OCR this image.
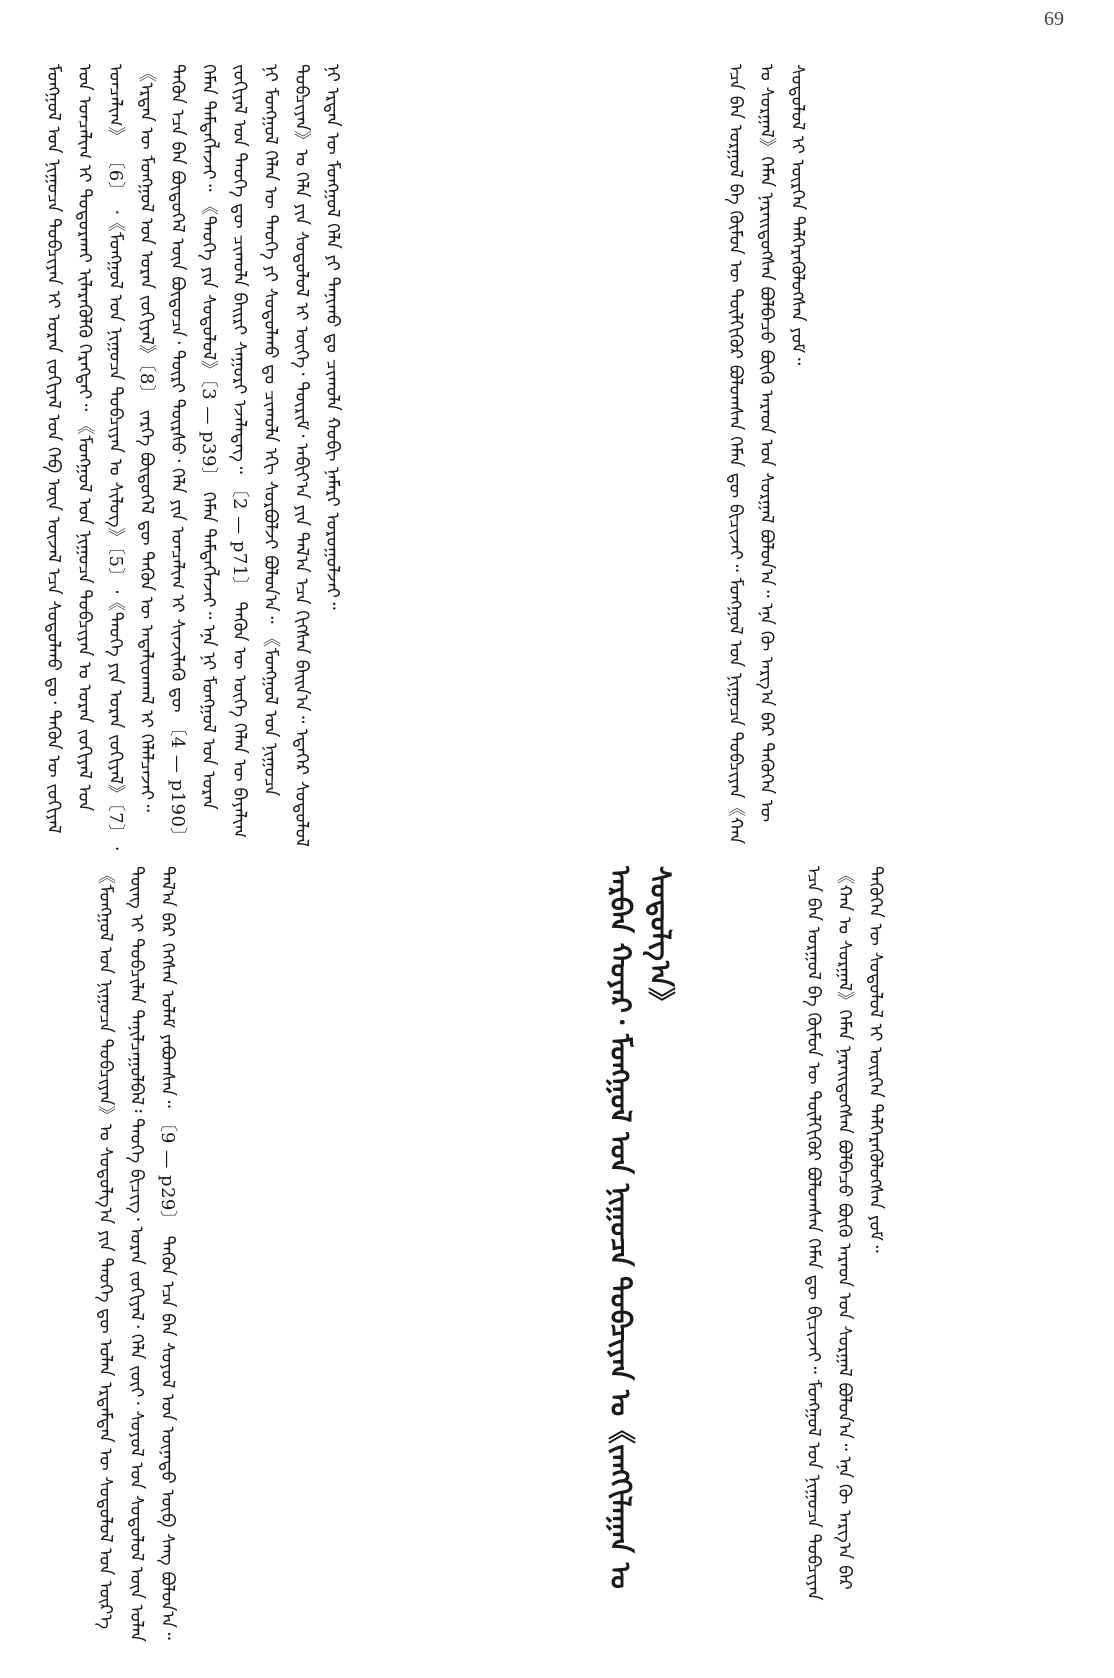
69
ᠡᠴᠡ ᠪᠠᠨ ᠤᠷᠭᠤᠯ ᠪᠠ ᠬᠦᠮᠦᠨ ᠦ ᠲᠦᠯᠬᠢᠭᠦᠷ ᠪᠣᠯᠤᠭᠰᠠᠨ ᠬᠡᠮᠡᠨ ᠳᠦ ᠪᠢᠴᠢᠵᠡᠢ᠃ ᠮᠣᠩᠭᠣᠯ ᠤᠨ ᠨᠢᠭᠤᠴᠠ ᠲᠣᠪᠴᠢᠶᠠᠨ《ᠬᠠᠨ ᠤ ᠰᠤᠷᠭᠠᠯ》ᠬᠡᠮᠡᠨ ᠨᠡᠷᠡᠢᠳᠦᠭᠰᠡᠨ ᠪᠣᠯᠪᠠᠴᠤ ᠪᠦᠬᠦ ᠠᠷᠠᠳ ᠤᠨ ᠰᠤᠷᠭᠠᠯ ᠪᠣᠯᠤᠨ᠎ᠠ᠃ ᠡᠨᠡ ᠬᠦ ᠠᠷᠭ᠎ᠠ ᠪᠠᠷ ᠲᠡᠭᠦᠬᠡᠨ ᠦ ᠰᠤᠳᠤᠯᠤᠯ ᠢ ᠥᠷᠭᠡᠨ ᠳᠡᠯᠭᠡᠷᠡᠭᠦᠯᠦᠭᠰᠡᠨ ᠶᠤᠮ᠃
ᠠᠷᠪᠠᠨ ᠬᠣᠶᠠᠷ᠂ ᠮᠣᠩᠭᠣᠯ ᠤᠨ ᠨᠢᠭᠤᠴᠠ ᠲᠣᠪᠴᠢᠶᠠᠨ ᠤ《ᠵᠠᠩᠭᠢᠯᠠᠭᠠᠨ ᠤ ᠰᠤᠳᠤᠯᠭ᠎ᠠ》
《ᠮᠣᠩᠭᠣᠯ ᠤᠨ ᠨᠢᠭᠤᠴᠠ ᠲᠣᠪᠴᠢᠶᠠᠨ》ᠤ ᠰᠤᠳᠤᠯᠭ᠎ᠠ ᠶᠢᠨ ᠲᠡᠦᠬᠡ ᠳᠦ ᠣᠯᠠᠨ ᠡᠷᠳᠡᠮᠲᠡᠨ ᠦ ᠰᠤᠳᠤᠯᠤᠯ ᠤᠨ ᠦᠷ᠎ᠡ ᠳᠦᠩ ᠢ ᠲᠣᠪᠴᠢᠯᠠᠨ ᠲᠠᠨᠢᠯᠴᠠᠭᠤᠯᠪᠠᠯ᠄ ᠲᠡᠦᠬᠡ ᠪᠢᠴᠢᠭ᠂ ᠤᠷᠠᠨ ᠵᠣᠬᠢᠶᠠᠯ᠂ ᠬᠡᠯᠡ ᠵᠦᠢ᠂ ᠰᠣᠶᠣᠯ ᠤᠨ ᠰᠤᠳᠤᠯᠤᠯ ᠦᠨ ᠣᠯᠠᠨ ᠲᠠᠯ᠎ᠠ ᠪᠠᠷ ᠬᠡᠭᠰᠡᠨ ᠤᠯᠠᠮ ᠶᠠᠪᠤᠭᠰᠠᠨ᠃ 〔9 — p29〕 ᠲᠡᠭᠦᠨ ᠡᠴᠡ ᠪᠠᠨ ᠰᠣᠶᠣᠯ ᠤᠨ ᠦᠨᠡᠲᠦ ᠥᠪ ᠰᠠᠩ ᠪᠣᠯᠤᠨ᠎ᠠ᠃
ᠮᠣᠩᠭᠣᠯ ᠤᠨ ᠨᠢᠭᠤᠴᠠ ᠲᠣᠪᠴᠢᠶᠠᠨ ᠢ ᠤᠷᠠᠨ ᠵᠣᠬᠢᠶᠠᠯ ᠤᠨ ᠬᠡᠪ ᠦᠨ ᠦᠵᠡᠯ ᠡᠴᠡ ᠰᠤᠳᠤᠯᠬᠤ ᠳᠤ᠂ ᠲᠡᠭᠦᠨ ᠦ ᠵᠣᠬᠢᠶᠠᠯ ᠤᠨ ᠣᠨᠴᠠᠯᠢᠭ ᠢ ᠲᠣᠳᠣᠷᠬᠠᠶ ᠢᠯᠡᠷᠡᠭᠦᠯᠬᠦ ᠬᠡᠷᠡᠭᠲᠡᠢ᠃ 《ᠮᠣᠩᠭᠣᠯ ᠤᠨ ᠨᠢᠭᠤᠴᠠ ᠲᠣᠪᠴᠢᠶᠠᠨ ᠤ ᠤᠷᠠᠨ ᠵᠣᠬᠢᠶᠠᠯ ᠤᠨ ᠣᠨᠴᠠᠯᠢᠭ》 〔6〕 ᠂《ᠮᠣᠩᠭᠣᠯ ᠤᠨ ᠨᠢᠭᠤᠴᠠ ᠲᠣᠪᠴᠢᠶᠠᠨ ᠤ ᠰᠢᠯᠦᠭ》〔5〕᠂《ᠲᠡᠦᠬᠡ ᠶᠢᠨ ᠤᠷᠠᠨ ᠵᠣᠬᠢᠶᠠᠯ》〔7〕᠂《ᠡᠷᠲᠡᠨ ᠦ ᠮᠣᠩᠭᠣᠯ ᠤᠨ ᠤᠷᠠᠨ ᠵᠣᠬᠢᠶᠠᠯ》〔8〕 ᠵᠡᠷᠭᠡ ᠪᠦᠲᠦᠭᠡᠯ ᠳᠦ ᠲᠡᠭᠦᠨ ᠦ ᠠᠳᠠᠯᠢᠳᠬᠠᠯ ᠢ ᠬᠡᠯᠡᠯᠴᠡᠵᠡᠢ᠃ ᠲᠡᠭᠦᠨ ᠡᠴᠡ ᠪᠠᠨ ᠪᠦᠲᠦᠭᠡᠯ ᠦᠨ ᠪᠦᠲᠦᠴᠡ᠂ ᠳᠦᠷᠢ ᠳᠦᠷᠰᠦ᠂ ᠬᠡᠯᠡ ᠶᠢᠨ ᠣᠨᠴᠠᠯᠢᠭ ᠢ ᠰᠢᠨᠵᠢᠯᠡᠬᠦ ᠳᠦ 〔4 — p190〕 ᠬᠡᠮᠡᠨ ᠲᠡᠮᠳᠡᠭᠯᠡᠵᠡᠢ᠃ 《ᠲᠡᠦᠬᠡ ᠶᠢᠨ ᠰᠤᠳᠤᠯᠤᠯ》〔3 — p39〕 ᠬᠡᠮᠡᠨ ᠲᠡᠮᠳᠡᠭᠯᠡᠵᠡᠢ᠃ ᠡᠨᠡ ᠨᠢ ᠮᠣᠩᠭᠣᠯ ᠤᠨ ᠤᠷᠠᠨ ᠵᠣᠬᠢᠶᠠᠯ ᠤᠨ ᠲᠡᠦᠬᠡ ᠳᠦ ᠴᠢᠬᠤᠯᠠ ᠪᠠᠢᠷᠢ ᠰᠠᠭᠤᠷᠢ ᠡᠵᠡᠯᠡᠳᠡᠭ᠃ 〔2 — p71〕 ᠲᠡᠭᠦᠨ ᠦ ᠦᠭᠡ ᠬᠡᠯᠡᠨ ᠦ ᠪᠠᠶᠠᠯᠢᠭ ᠨᠢ ᠮᠣᠩᠭᠣᠯ ᠬᠡᠯᠡᠨ ᠦ ᠲᠡᠦᠬᠡ ᠶᠢ ᠰᠤᠳᠤᠯᠬᠤ ᠳᠤ ᠴᠢᠬᠤᠯᠠ ᠡᠬᠢ ᠰᠤᠷᠪᠤᠯᠵᠢ ᠪᠣᠯᠤᠨ᠎ᠠ᠃ 《ᠮᠣᠩᠭᠣᠯ ᠤᠨ ᠨᠢᠭᠤᠴᠠ ᠲᠣᠪᠴᠢᠶᠠᠨ》ᠤ ᠬᠡᠯᠡ ᠶᠢᠨ ᠰᠤᠳᠤᠯᠤᠯ ᠢ ᠦᠭᠡ᠂ ᠳᠦᠷᠢᠮ᠂ ᠠᠪᠢᠶ᠎ᠠ ᠶᠢᠨ ᠲᠠᠯ᠎ᠠ ᠡᠴᠡ ᠬᠢᠭᠰᠡᠨ ᠪᠠᠢᠨ᠎ᠠ᠃ ᠡᠳᠡᠭᠡᠷ ᠰᠤᠳᠤᠯᠤᠯ ᠨᠢ ᠡᠷᠲᠡᠨ ᠦ ᠮᠣᠩᠭᠣᠯ ᠬᠡᠯᠡ ᠶᠢ ᠲᠠᠨᠢᠬᠤ ᠳᠤ ᠴᠢᠬᠤᠯᠠ ᠬᠤᠪᠢ ᠨᠡᠮᠡᠷᠢ ᠣᠷᠣᠭᠤᠯᠵᠠᠢ᠃	ᠡᠴᠡ ᠪᠠᠨ ᠤᠷᠭᠤᠯ ᠪᠠ ᠬᠦᠮᠦᠨ ᠦ ᠲᠦᠯᠬᠢᠭᠦᠷ ᠪᠣᠯᠤᠭᠰᠠᠨ ᠬᠡᠮᠡᠨ ᠳᠦ ᠪᠢᠴᠢᠵᠡᠢ᠃ ᠮᠣᠩᠭᠣᠯ ᠤᠨ ᠨᠢᠭᠤᠴᠠ ᠲᠣᠪᠴᠢᠶᠠᠨ《ᠬᠠᠨ ᠤ ᠰᠤᠷᠭᠠᠯ》ᠬᠡᠮᠡᠨ ᠨᠡᠷᠡᠢᠳᠦᠭᠰᠡᠨ ᠪᠣᠯᠪᠠᠴᠤ ᠪᠦᠬᠦ ᠠᠷᠠᠳ ᠤᠨ ᠰᠤᠷᠭᠠᠯ ᠪᠣᠯᠤᠨ᠎ᠠ᠃ ᠡᠨᠡ ᠬᠦ ᠠᠷᠭ᠎ᠠ ᠪᠠᠷ ᠲᠡᠭᠦᠬᠡᠨ ᠦ ᠰᠤᠳᠤᠯᠤᠯ ᠢ ᠥᠷᠭᠡᠨ ᠳᠡᠯᠭᠡᠷᠡᠭᠦᠯᠦᠭᠰᠡᠨ ᠶᠤᠮ᠃
